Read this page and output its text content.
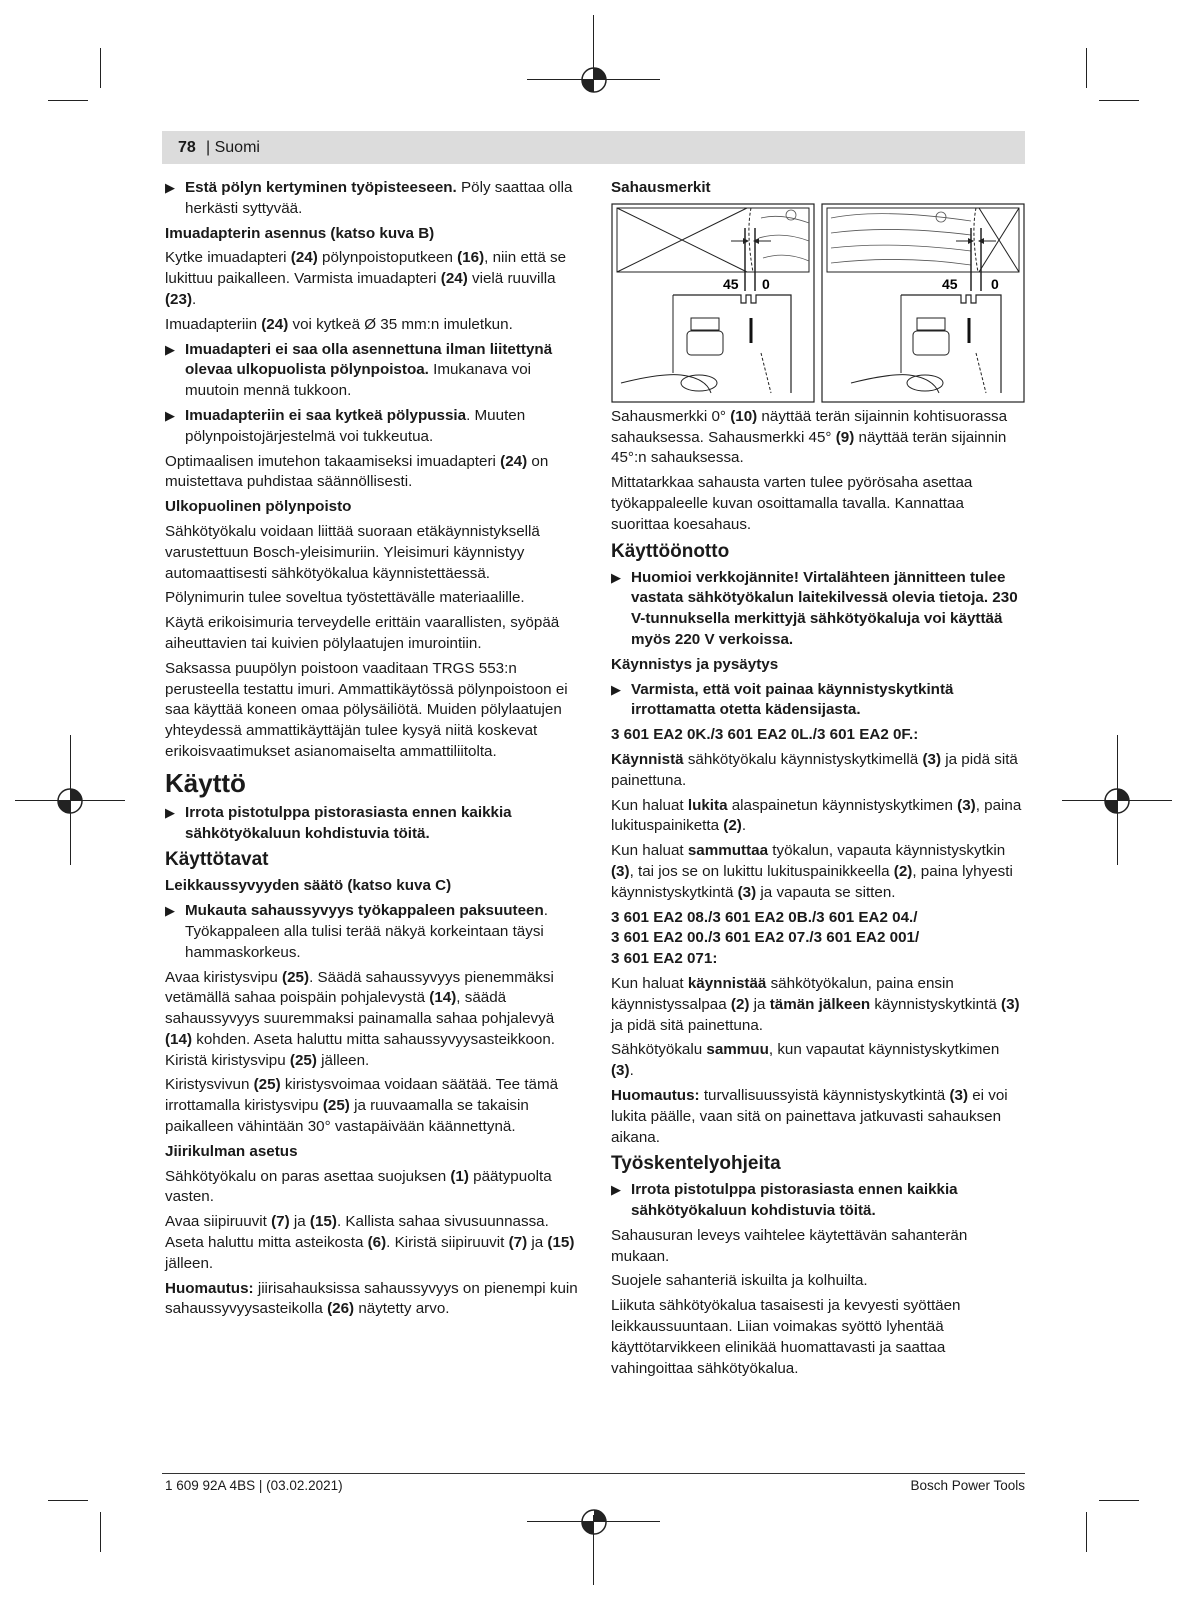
78 | Suomi

▶ Estä pölyn kertyminen työpisteeseen. Pöly saattaa olla herkästi syttyvää.

Imuadapterin asennus (katso kuva B)

Kytke imuadapteri (24) pölynpoistoputkeen (16), niin että se lukittuu paikalleen. Varmista imuadapteri (24) vielä ruuvilla (23).

Imuadapteriin (24) voi kytkeä Ø 35 mm:n imuletkun.

▶ Imuadapteri ei saa olla asennettuna ilman liitettynä olevaa ulkopuolista pölynpoistoa. Imukanava voi muutoin mennä tukkoon.

▶ Imuadapteriin ei saa kytkeä pölypussia. Muuten pölynpoistojärjestelmä voi tukkeutua.

Optimaalisen imutehon takaamiseksi imuadapteri (24) on muistettava puhdistaa säännöllisesti.

Ulkopuolinen pölynpoisto

Sähkötyökalu voidaan liittää suoraan etäkäynnistyksellä varustettuun Bosch-yleisimuriin. Yleisimuri käynnistyy automaattisesti sähkötyökalua käynnistettäessä.

Pölynimurin tulee soveltua työstettävälle materiaalille.

Käytä erikoisimuria terveydelle erittäin vaarallisten, syöpää aiheuttavien tai kuivien pölylaatujen imurointiin.

Saksassa puupölyn poistoon vaaditaan TRGS 553:n perusteella testattu imuri. Ammattikäytössä pölynpoistoon ei saa käyttää koneen omaa pölysäiliötä. Muiden pölylaatujen yhteydessä ammattikäyttäjän tulee kysyä niitä koskevat erikoisvaatimukset asianomaiselta ammattiliitolta.

Käyttö

▶ Irrota pistotulppa pistorasiasta ennen kaikkia sähkötyökaluun kohdistuvia töitä.

Käyttötavat

Leikkaussyvyyden säätö (katso kuva C)

▶ Mukauta sahaussyvyys työkappaleen paksuuteen. Työkappaleen alla tulisi terää näkyä korkeintaan täysi hammaskorkeus.

Avaa kiristysvipu (25). Säädä sahaussyvyys pienemmäksi vetämällä sahaa poispäin pohjalevystä (14), säädä sahaussyvyys suuremmaksi painamalla sahaa pohjalevyä (14) kohden. Aseta haluttu mitta sahaussyvyysasteikkoon. Kiristä kiristysvipu (25) jälleen.

Kiristysvivun (25) kiristysvoimaa voidaan säätää. Tee tämä irrottamalla kiristysvipu (25) ja ruuvaamalla se takaisin paikalleen vähintään 30° vastapäivään käännettynä.

Jiirikulman asetus

Sähkötyökalu on paras asettaa suojuksen (1) päätypuolta vasten.

Avaa siipiruuvit (7) ja (15). Kallista sahaa sivusuunnassa. Aseta haluttu mitta asteikosta (6). Kiristä siipiruuvit (7) ja (15) jälleen.

Huomautus: jiirisahauksissa sahaussyvyys on pienempi kuin sahaussyvyysasteikolla (26) näytetty arvo.

Sahausmerkit

45 0	45 0

Sahausmerkki 0° (10) näyttää terän sijainnin kohtisuorassa sahauksessa. Sahausmerkki 45° (9) näyttää terän sijainnin 45°:n sahauksessa.

Mittatarkkaa sahausta varten tulee pyörösaha asettaa työkappaleelle kuvan osoittamalla tavalla. Kannattaa suorittaa koesahaus.

Käyttöönotto

▶ Huomioi verkkojännite! Virtalähteen jännitteen tulee vastata sähkötyökalun laitekilvessä olevia tietoja. 230 V-tunnuksella merkittyjä sähkötyökaluja voi käyttää myös 220 V verkoissa.

Käynnistys ja pysäytys

▶ Varmista, että voit painaa käynnistyskytkintä irrottamatta otetta kädensijasta.

3 601 EA2 0K./3 601 EA2 0L./3 601 EA2 0F.:

Käynnistä sähkötyökalu käynnistyskytkimellä (3) ja pidä sitä painettuna.

Kun haluat lukita alaspainetun käynnistyskytkimen (3), paina lukituspainiketta (2).

Kun haluat sammuttaa työkalun, vapauta käynnistyskytkin (3), tai jos se on lukittu lukituspainikkeella (2), paina lyhyesti käynnistyskytkintä (3) ja vapauta se sitten.

3 601 EA2 08./3 601 EA2 0B./3 601 EA2 04./
3 601 EA2 00./3 601 EA2 07./3 601 EA2 001/
3 601 EA2 071:

Kun haluat käynnistää sähkötyökalun, paina ensin käynnistyssalpaa (2) ja tämän jälkeen käynnistyskytkintä (3) ja pidä sitä painettuna.

Sähkötyökalu sammuu, kun vapautat käynnistyskytkimen (3).

Huomautus: turvallisuussyistä käynnistyskytkintä (3) ei voi lukita päälle, vaan sitä on painettava jatkuvasti sahauksen aikana.

Työskentelyohjeita

▶ Irrota pistotulppa pistorasiasta ennen kaikkia sähkötyökaluun kohdistuvia töitä.

Sahausuran leveys vaihtelee käytettävän sahanterän mukaan.

Suojele sahanteriä iskuilta ja kolhuilta.

Liikuta sähkötyökalua tasaisesti ja kevyesti syöttäen leikkaussuuntaan. Liian voimakas syöttö lyhentää käyttötarvikkeen elinikää huomattavasti ja saattaa vahingoittaa sähkötyökalua.

1 609 92A 4BS | (03.02.2021)	Bosch Power Tools
